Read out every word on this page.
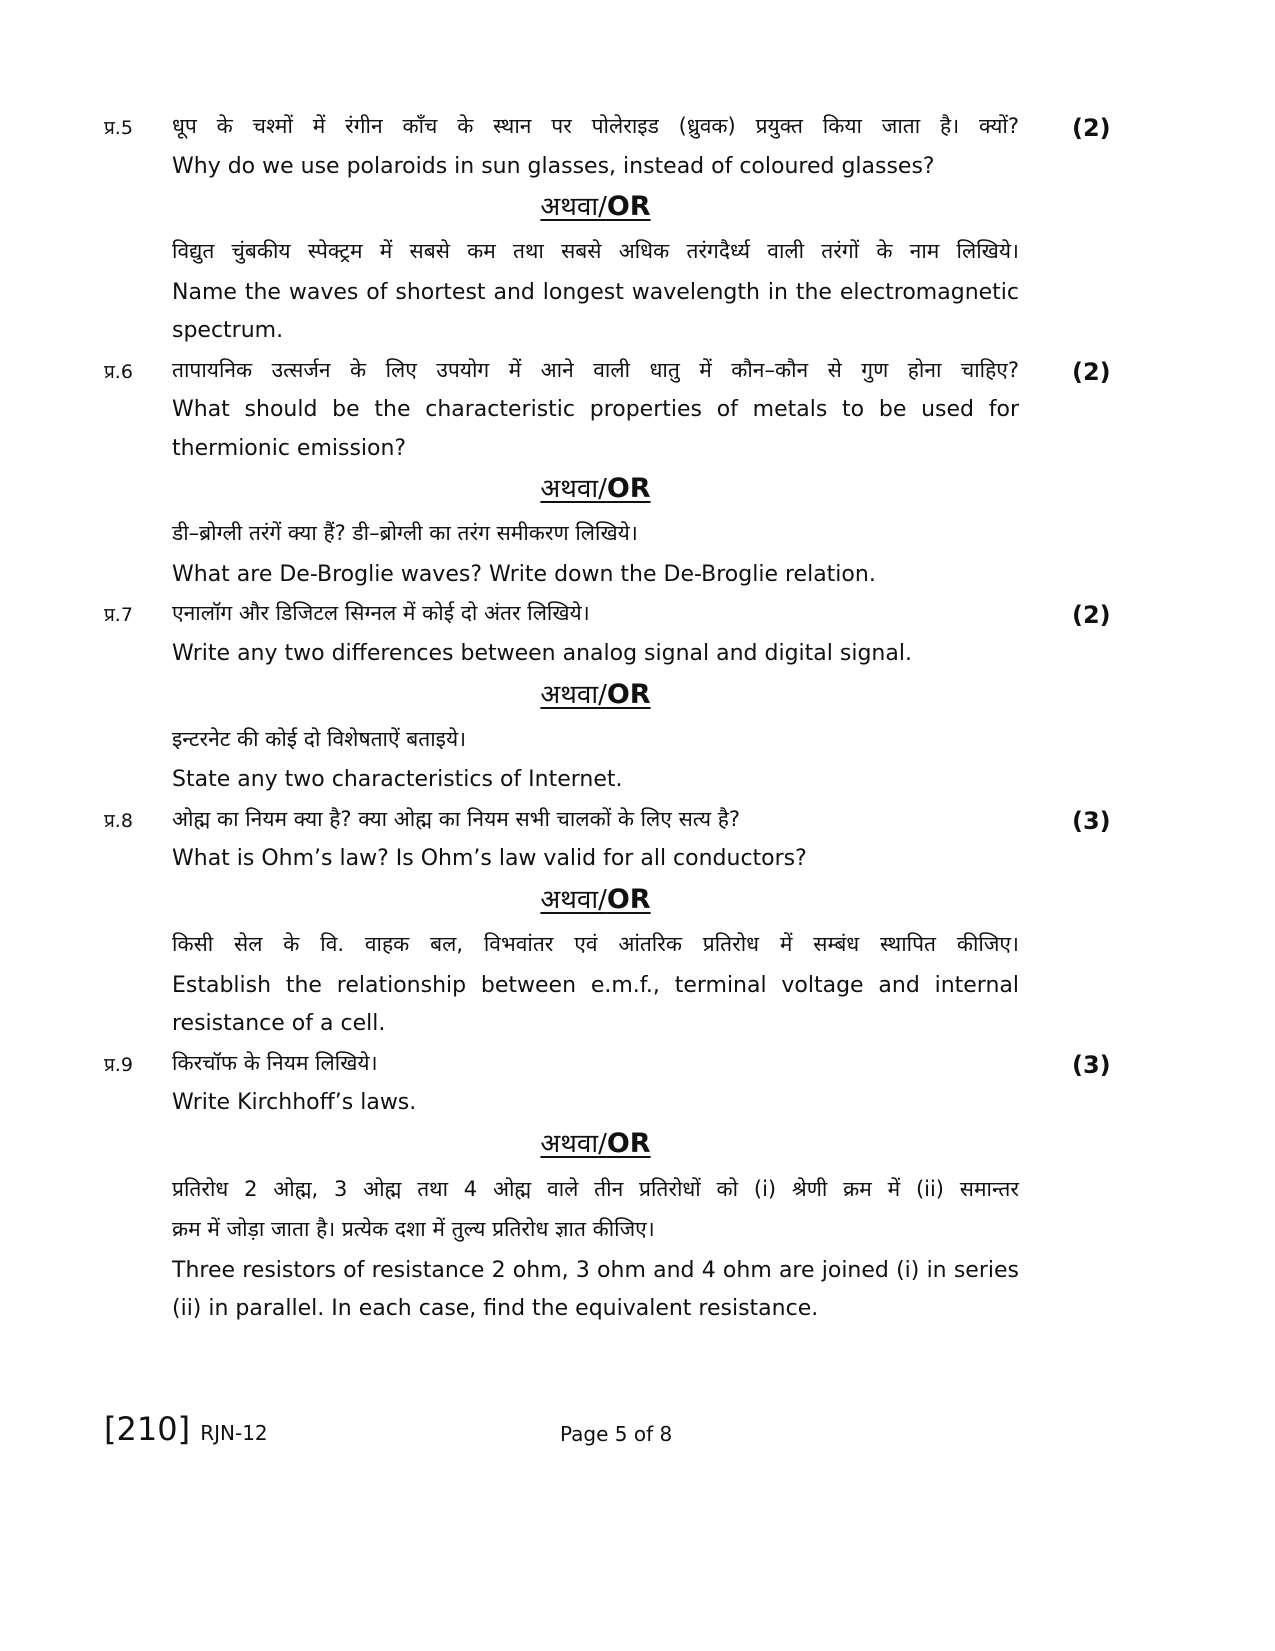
प्र.5	धूप के चश्मों में रंगीन काँच के स्थान पर पोलेराइड (ध्रुवक) प्रयुक्त किया जाता है। क्यों? (2)
Why do we use polaroids in sun glasses, instead of coloured glasses?
अथवा/OR
विद्युत चुंबकीय स्पेक्ट्रम में सबसे कम तथा सबसे अधिक तरंगदैर्ध्य वाली तरंगों के नाम लिखिये।
Name the waves of shortest and longest wavelength in the electromagnetic
spectrum.
प्र.6	तापायनिक उत्सर्जन के लिए उपयोग में आने वाली धातु में कौन–कौन से गुण होना चाहिए? (2)
What should be the characteristic properties of metals to be used for
thermionic emission?
अथवा/OR
डी–ब्रोग्ली तरंगें क्या हैं? डी–ब्रोग्ली का तरंग समीकरण लिखिये।
What are De-Broglie waves? Write down the De-Broglie relation.
प्र.7	एनालॉग और डिजिटल सिग्नल में कोई दो अंतर लिखिये।	(2)
Write any two differences between analog signal and digital signal.
अथवा/OR
इन्टरनेट की कोई दो विशेषताऐं बताइये।
State any two characteristics of Internet.
प्र.8	ओह्म का नियम क्या है? क्या ओह्म का नियम सभी चालकों के लिए सत्य है?	(3)
What is Ohm’s law? Is Ohm’s law valid for all conductors?
अथवा/OR
किसी सेल के वि. वाहक बल, विभवांतर एवं आंतरिक प्रतिरोध में सम्बंध स्थापित कीजिए।
Establish the relationship between e.m.f., terminal voltage and internal
resistance of a cell.
प्र.9	किरचॉफ के नियम लिखिये।	(3)
Write Kirchhoff’s laws.
अथवा/OR
प्रतिरोध 2 ओह्म, 3 ओह्म तथा 4 ओह्म वाले तीन प्रतिरोधों को (i) श्रेणी क्रम में (ii) समान्तर
क्रम में जोड़ा जाता है। प्रत्येक दशा में तुल्य प्रतिरोध ज्ञात कीजिए।
Three resistors of resistance 2 ohm, 3 ohm and 4 ohm are joined (i) in series
(ii) in parallel. In each case, find the equivalent resistance.
[210] RJN-12	Page 5 of 8
